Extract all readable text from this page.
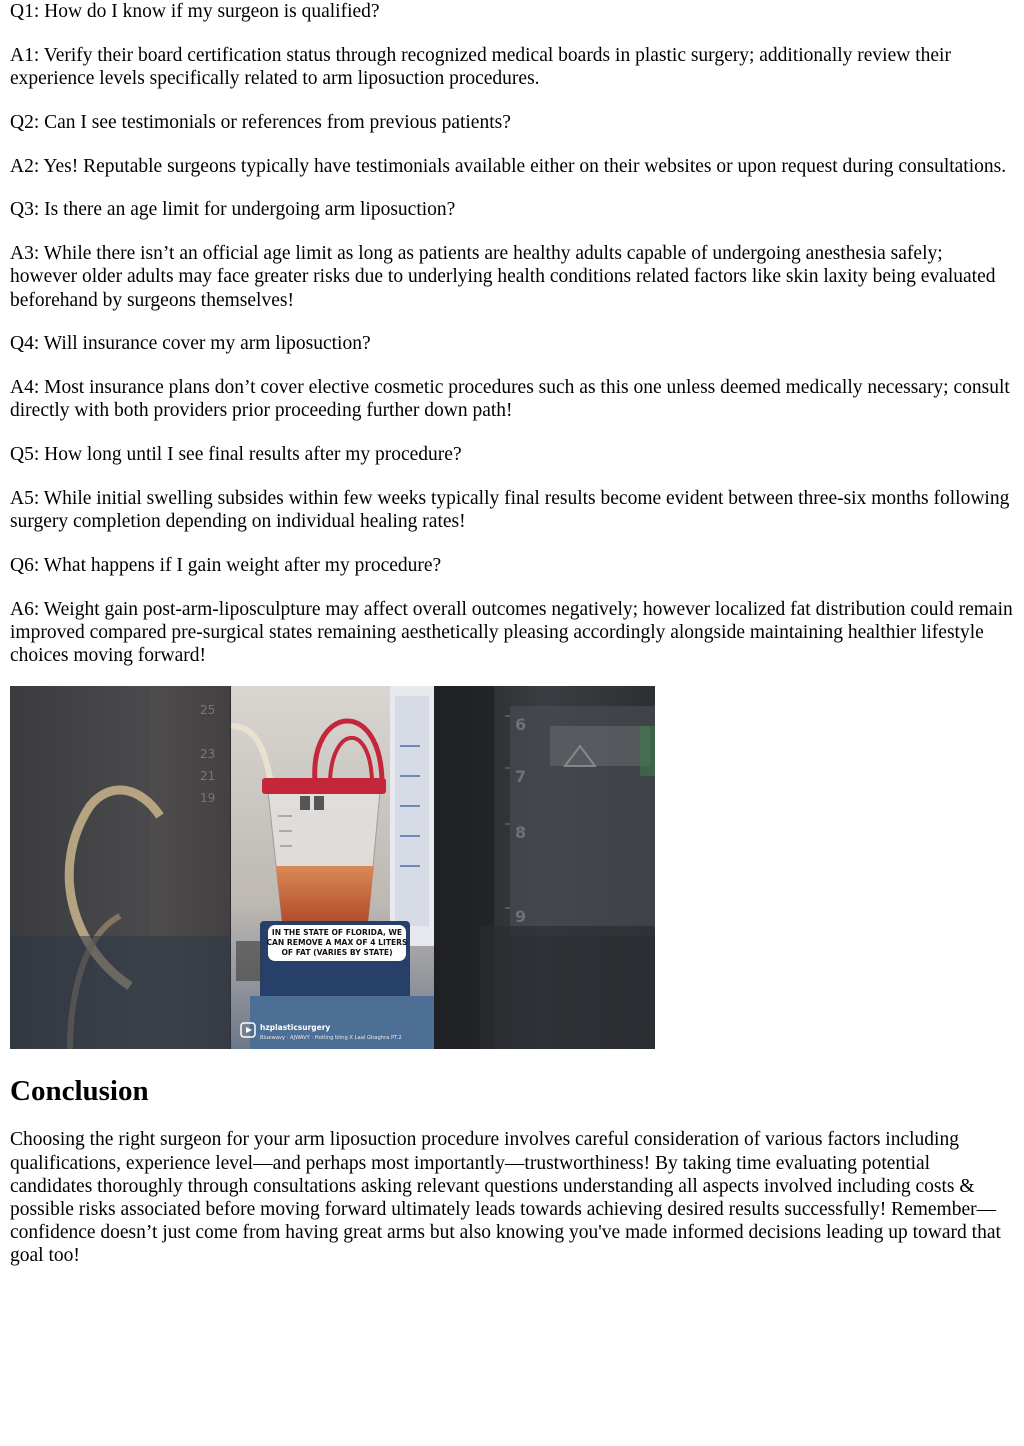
Q1: How do I know if my surgeon is qualified?

A1: Verify their board certification status through recognized medical boards in plastic surgery; additionally review their experience levels specifically related to arm liposuction procedures.

Q2: Can I see testimonials or references from previous patients?

A2: Yes! Reputable surgeons typically have testimonials available either on their websites or upon request during consultations.

Q3: Is there an age limit for undergoing arm liposuction?

A3: While there isn’t an official age limit as long as patients are healthy adults capable of undergoing anesthesia safely; however older adults may face greater risks due to underlying health conditions related factors like skin laxity being evaluated beforehand by surgeons themselves!

Q4: Will insurance cover my arm liposuction?

A4: Most insurance plans don’t cover elective cosmetic procedures such as this one unless deemed medically necessary; consult directly with both providers prior proceeding further down path!

Q5: How long until I see final results after my procedure?

A5: While initial swelling subsides within few weeks typically final results become evident between three-six months following surgery completion depending on individual healing rates!

Q6: What happens if I gain weight after my procedure?

A6: Weight gain post-arm-liposculpture may affect overall outcomes negatively; however localized fat distribution could remain improved compared pre-surgical states remaining aesthetically pleasing accordingly alongside maintaining healthier lifestyle choices moving forward!

25
23
21
19
6
7
8
9
IN THE STATE OF FLORIDA, WE
CAN REMOVE A MAX OF 4 LITERS
OF FAT (VARIES BY STATE)
hzplasticsurgery
Bluewavy · AJWAVY · Hotling bling X Laal Ghaghra PT.2
Conclusion

Choosing the right surgeon for your arm liposuction procedure involves careful consideration of various factors including qualifications, experience level—and perhaps most importantly—trustworthiness! By taking time evaluating potential candidates thoroughly through consultations asking relevant questions understanding all aspects involved including costs & possible risks associated before moving forward ultimately leads towards achieving desired results successfully! Remember—confidence doesn’t just come from having great arms but also knowing you've made informed decisions leading up toward that goal too!
